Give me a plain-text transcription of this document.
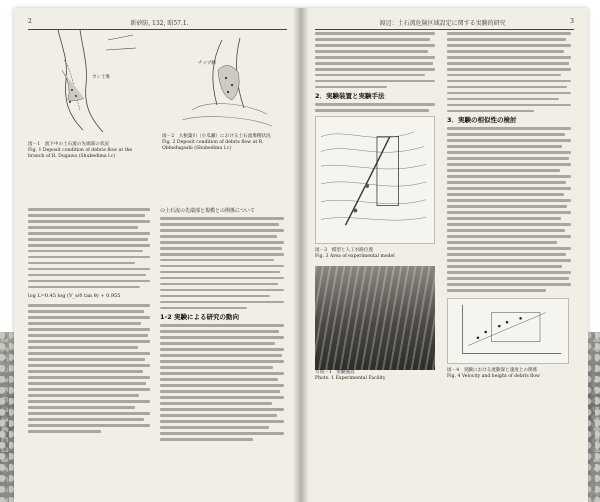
2	新砂防, 132, 昭57.1.
カン土堆
図－1　流下中の土石流の先端部の状況
Fig. 1 Deposit condition of debris flow at the branch of R. Dugawa (Shubedima l.c)
チップ線
図－2　大根葉川（小瓜瀬）における土石流堆積状況
Fig. 2 Deposit condition of debris flow at R. Obbodugashi (Shubedima l.c)
log L=0.45 log (V_s/δ tan θ) + 0.955
の土石流の先端部と規模との関係について
1-2 実験による研究の動向
渡辺：土石流危険区域設定に関する実験的研究	3
2．実験装置と実験手法
図－3　模型と人工水路位置
Fig. 3 Area of experimental model
写真－1　実験施設
Photo. 1 Experimental Facility
3．実験の相似性の検討
図－4　実験における流動深と速度との関係
Fig. 4 Velocity and height of debris flow
